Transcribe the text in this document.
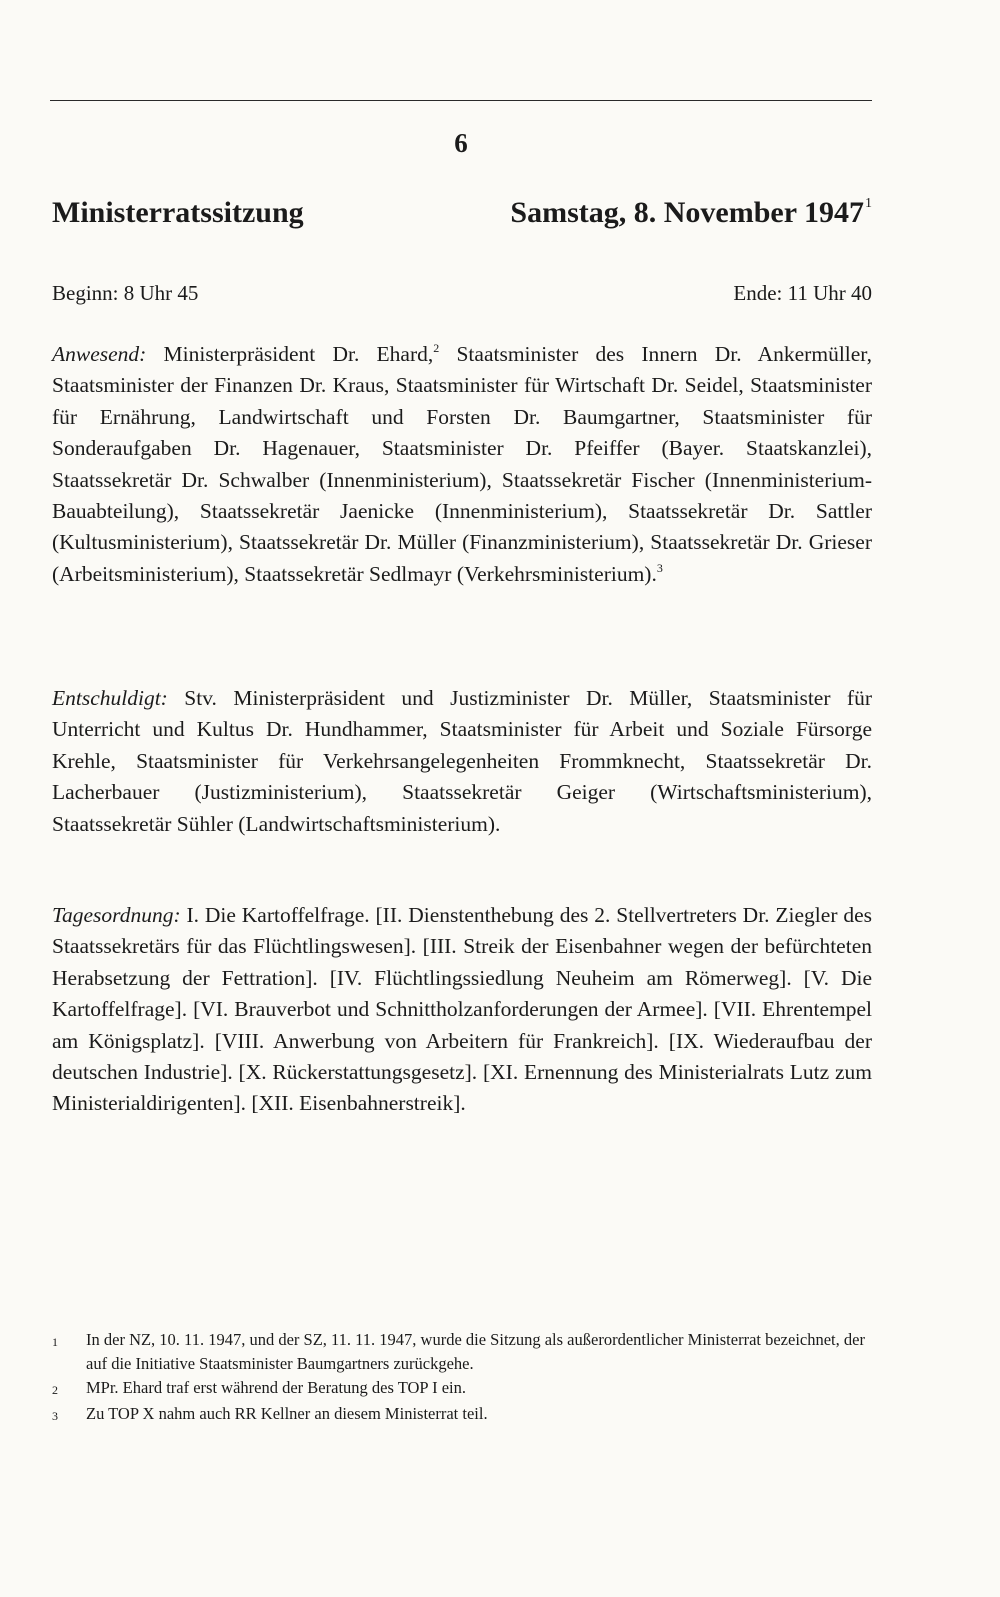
6
Ministerratssitzung	Samstag, 8. November 1947$^1$
Beginn: 8 Uhr 45	Ende: 11 Uhr 40
Anwesend: Ministerpräsident Dr. Ehard,$^2$ Staatsminister des Innern Dr. Ankermüller, Staatsminister der Finanzen Dr. Kraus, Staatsminister für Wirtschaft Dr. Seidel, Staatsminister für Ernährung, Landwirtschaft und Forsten Dr. Baumgartner, Staatsminister für Sonderaufgaben Dr. Hagenauer, Staatsminister Dr. Pfeiffer (Bayer. Staatskanzlei), Staatssekretär Dr. Schwalber (Innenministerium), Staatssekretär Fischer (Innenministerium-Bauabteilung), Staatssekretär Jaenicke (Innenministerium), Staatssekretär Dr. Sattler (Kultusministerium), Staatssekretär Dr. Müller (Finanzministerium), Staatssekretär Dr. Grieser (Arbeitsministerium), Staatssekretär Sedlmayr (Verkehrsministerium).$^3$
Entschuldigt: Stv. Ministerpräsident und Justizminister Dr. Müller, Staatsminister für Unterricht und Kultus Dr. Hundhammer, Staatsminister für Arbeit und Soziale Fürsorge Krehle, Staatsminister für Verkehrsangelegenheiten Frommknecht, Staatssekretär Dr. Lacherbauer (Justizministerium), Staatssekretär Geiger (Wirtschaftsministerium), Staatssekretär Sühler (Landwirtschaftsministerium).
Tagesordnung: I. Die Kartoffelfrage. [II. Dienstenthebung des 2. Stellvertreters Dr. Ziegler des Staatssekretärs für das Flüchtlingswesen]. [III. Streik der Eisenbahner wegen der befürchteten Herabsetzung der Fettration]. [IV. Flüchtlingssiedlung Neuheim am Römerweg]. [V. Die Kartoffelfrage]. [VI. Brauverbot und Schnittholzanforderungen der Armee]. [VII. Ehrentempel am Königsplatz]. [VIII. Anwerbung von Arbeitern für Frankreich]. [IX. Wiederaufbau der deutschen Industrie]. [X. Rückerstattungsgesetz]. [XI. Ernennung des Ministerialrats Lutz zum Ministerialdirigenten]. [XII. Eisenbahnerstreik].
1	In der NZ, 10. 11. 1947, und der SZ, 11. 11. 1947, wurde die Sitzung als außerordentlicher Ministerrat bezeichnet, der auf die Initiative Staatsminister Baumgartners zurückgehe.
2	MPr. Ehard traf erst während der Beratung des TOP I ein.
3	Zu TOP X nahm auch RR Kellner an diesem Ministerrat teil.
